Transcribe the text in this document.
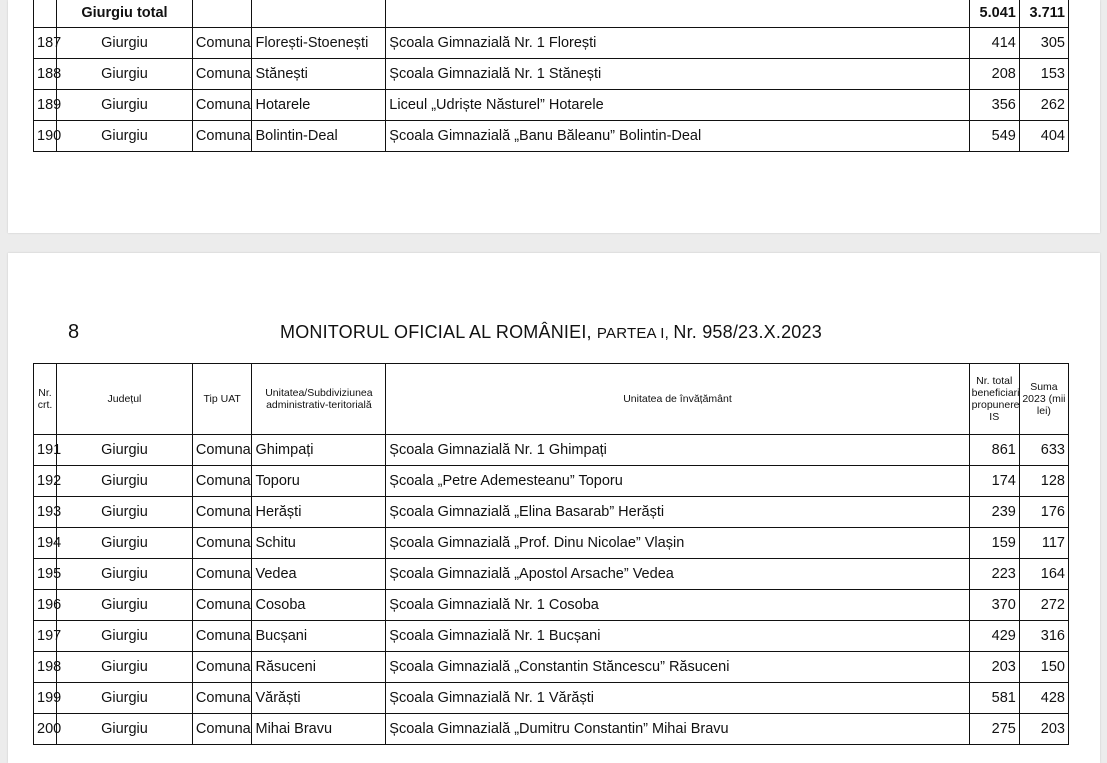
	Giurgiu total				5.041	3.711
187	Giurgiu	Comuna	Florești-Stoenești	Școala Gimnazială Nr. 1 Florești	414	305
188	Giurgiu	Comuna	Stănești	Școala Gimnazială Nr. 1 Stănești	208	153
189	Giurgiu	Comuna	Hotarele	Liceul „Udriște Năsturel” Hotarele	356	262
190	Giurgiu	Comuna	Bolintin-Deal	Școala Gimnazială „Banu Băleanu” Bolintin-Deal	549	404
8	MONITORUL OFICIAL AL ROMÂNIEI, PARTEA I, Nr. 958/23.X.2023
Nr. crt.	Județul	Tip UAT	Unitatea/Subdiviziunea administrativ-teritorială	Unitatea de învățământ	Nr. total beneficiari propunere IS	Suma 2023 (mii lei)
191	Giurgiu	Comuna	Ghimpați	Școala Gimnazială Nr. 1 Ghimpați	861	633
192	Giurgiu	Comuna	Toporu	Școala „Petre Ademesteanu” Toporu	174	128
193	Giurgiu	Comuna	Herăști	Școala Gimnazială „Elina Basarab” Herăști	239	176
194	Giurgiu	Comuna	Schitu	Școala Gimnazială „Prof. Dinu Nicolae” Vlașin	159	117
195	Giurgiu	Comuna	Vedea	Școala Gimnazială „Apostol Arsache” Vedea	223	164
196	Giurgiu	Comuna	Cosoba	Școala Gimnazială Nr. 1 Cosoba	370	272
197	Giurgiu	Comuna	Bucșani	Școala Gimnazială Nr. 1 Bucșani	429	316
198	Giurgiu	Comuna	Răsuceni	Școala Gimnazială „Constantin Stăncescu” Răsuceni	203	150
199	Giurgiu	Comuna	Vărăști	Școala Gimnazială Nr. 1 Vărăști	581	428
200	Giurgiu	Comuna	Mihai Bravu	Școala Gimnazială „Dumitru Constantin” Mihai Bravu	275	203
